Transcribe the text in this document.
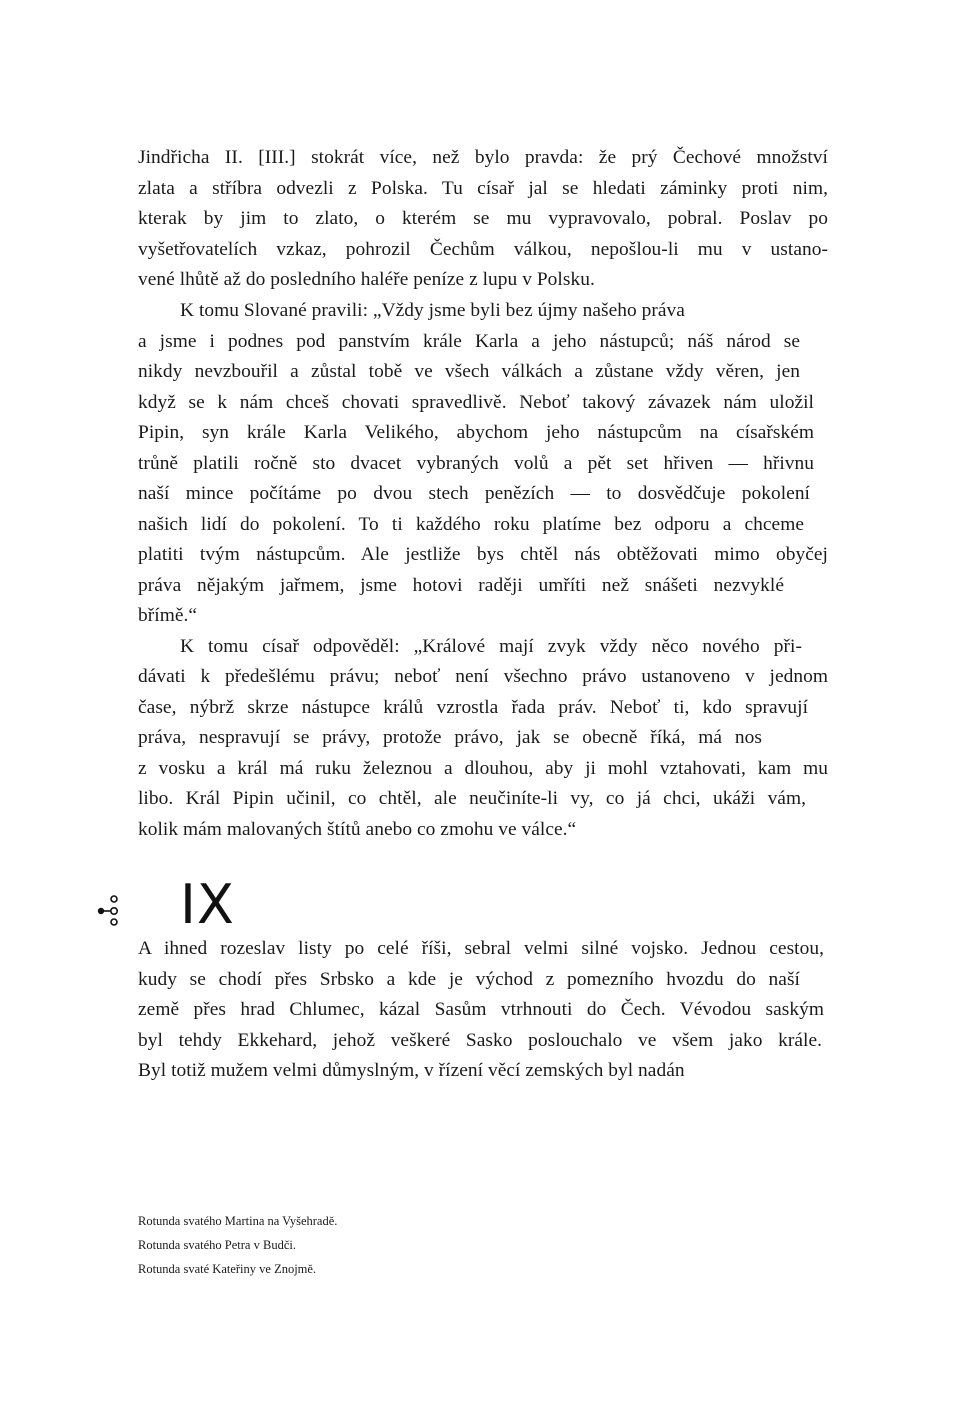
Jindřicha II. [III.] stokrát více, než bylo pravda: že prý Čechové množství
zlata a stříbra odvezli z Polska. Tu císař jal se hledati záminky proti nim,
kterak by jim to zlato, o kterém se mu vypravovalo, pobral. Poslav po
vyšetřovatelích vzkaz, pohrozil Čechům válkou, nepošlou-li mu v ustano-
vené lhůtě až do posledního haléře peníze z lupu v Polsku.
K tomu Slované pravili: „Vždy jsme byli bez újmy našeho práva
a jsme i podnes pod panstvím krále Karla a jeho nástupců; náš národ se
nikdy nevzbouřil a zůstal tobě ve všech válkách a zůstane vždy věren, jen
když se k nám chceš chovati spravedlivě. Neboť takový závazek nám uložil
Pipin, syn krále Karla Velikého, abychom jeho nástupcům na císařském
trůně platili ročně sto dvacet vybraných volů a pět set hřiven — hřivnu
naší mince počítáme po dvou stech penězích — to dosvědčuje pokolení
našich lidí do pokolení. To ti každého roku platíme bez odporu a chceme
platiti tvým nástupcům. Ale jestliže bys chtěl nás obtěžovati mimo obyčej
práva nějakým jařmem, jsme hotovi raději umříti než snášeti nezvyklé
břímě.“
K tomu císař odpověděl: „Králové mají zvyk vždy něco nového při-
dávati k předešlému právu; neboť není všechno právo ustanoveno v jednom
čase, nýbrž skrze nástupce králů vzrostla řada práv. Neboť ti, kdo spravují
práva, nespravují se právy, protože právo, jak se obecně říká, má nos
z vosku a král má ruku železnou a dlouhou, aby ji mohl vztahovati, kam mu
libo. Král Pipin učinil, co chtěl, ale neučiníte-li vy, co já chci, ukáži vám,
kolik mám malovaných štítů anebo co zmohu ve válce.“
IX
A ihned rozeslav listy po celé říši, sebral velmi silné vojsko. Jednou cestou,
kudy se chodí přes Srbsko a kde je východ z pomezního hvozdu do naší
země přes hrad Chlumec, kázal Sasům vtrhnouti do Čech. Vévodou saským
byl tehdy Ekkehard, jehož veškeré Sasko poslouchalo ve všem jako krále.
Byl totiž mužem velmi důmyslným, v řízení věcí zemských byl nadán
Rotunda svatého Martina na Vyšehradě.
Rotunda svatého Petra v Budči.
Rotunda svaté Kateřiny ve Znojmě.
